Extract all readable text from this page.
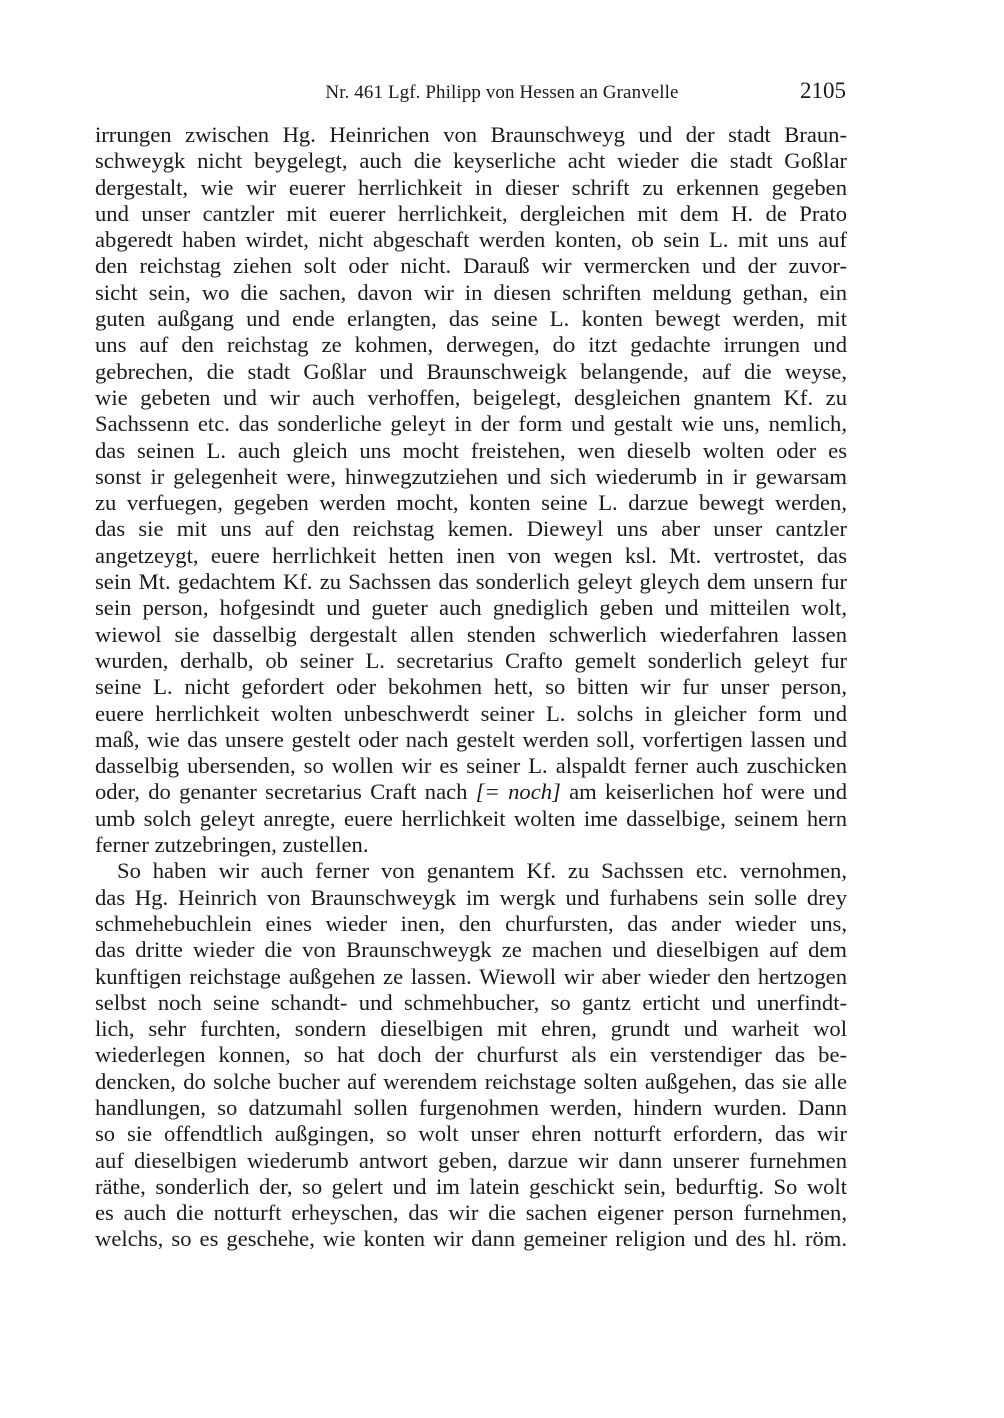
Nr. 461 Lgf. Philipp von Hessen an Granvelle	2105
irrungen zwischen Hg. Heinrichen von Braunschweyg und der stadt Braun-
schweygk nicht beygelegt, auch die keyserliche acht wieder die stadt Goßlar
dergestalt, wie wir euerer herrlichkeit in dieser schrift zu erkennen gegeben
und unser cantzler mit euerer herrlichkeit, dergleichen mit dem H. de Prato
abgeredt haben wirdet, nicht abgeschaft werden konten, ob sein L. mit uns auf
den reichstag ziehen solt oder nicht. Darauß wir vermercken und der zuvor-
sicht sein, wo die sachen, davon wir in diesen schriften meldung gethan, ein
guten außgang und ende erlangten, das seine L. konten bewegt werden, mit
uns auf den reichstag ze kohmen, derwegen, do itzt gedachte irrungen und
gebrechen, die stadt Goßlar und Braunschweigk belangende, auf die weyse,
wie gebeten und wir auch verhoffen, beigelegt, desgleichen gnantem Kf. zu
Sachssenn etc. das sonderliche geleyt in der form und gestalt wie uns, nemlich,
das seinen L. auch gleich uns mocht freistehen, wen dieselb wolten oder es
sonst ir gelegenheit were, hinwegzutziehen und sich wiederumb in ir gewarsam
zu verfuegen, gegeben werden mocht, konten seine L. darzue bewegt werden,
das sie mit uns auf den reichstag kemen. Dieweyl uns aber unser cantzler
angetzeygt, euere herrlichkeit hetten inen von wegen ksl. Mt. vertrostet, das
sein Mt. gedachtem Kf. zu Sachssen das sonderlich geleyt gleych dem unsern fur
sein person, hofgesindt und gueter auch gnediglich geben und mitteilen wolt,
wiewol sie dasselbig dergestalt allen stenden schwerlich wiederfahren lassen
wurden, derhalb, ob seiner L. secretarius Crafto gemelt sonderlich geleyt fur
seine L. nicht gefordert oder bekohmen hett, so bitten wir fur unser person,
euere herrlichkeit wolten unbeschwerdt seiner L. solchs in gleicher form und
maß, wie das unsere gestelt oder nach gestelt werden soll, vorfertigen lassen und
dasselbig ubersenden, so wollen wir es seiner L. alspaldt ferner auch zuschicken
oder, do genanter secretarius Craft nach [= noch] am keiserlichen hof were und
umb solch geleyt anregte, euere herrlichkeit wolten ime dasselbige, seinem hern
ferner zutzebringen, zustellen.
So haben wir auch ferner von genantem Kf. zu Sachssen etc. vernohmen,
das Hg. Heinrich von Braunschweygk im wergk und furhabens sein solle drey
schmehebuchlein eines wieder inen, den churfursten, das ander wieder uns,
das dritte wieder die von Braunschweygk ze machen und dieselbigen auf dem
kunftigen reichstage außgehen ze lassen. Wiewoll wir aber wieder den hertzogen
selbst noch seine schandt- und schmehbucher, so gantz erticht und unerfindt-
lich, sehr furchten, sondern dieselbigen mit ehren, grundt und warheit wol
wiederlegen konnen, so hat doch der churfurst als ein verstendiger das be-
dencken, do solche bucher auf werendem reichstage solten außgehen, das sie alle
handlungen, so datzumahl sollen furgenohmen werden, hindern wurden. Dann
so sie offendtlich außgingen, so wolt unser ehren notturft erfordern, das wir
auf dieselbigen wiederumb antwort geben, darzue wir dann unserer furnehmen
räthe, sonderlich der, so gelert und im latein geschickt sein, bedurftig. So wolt
es auch die notturft erheyschen, das wir die sachen eigener person furnehmen,
welchs, so es geschehe, wie konten wir dann gemeiner religion und des hl. röm.
